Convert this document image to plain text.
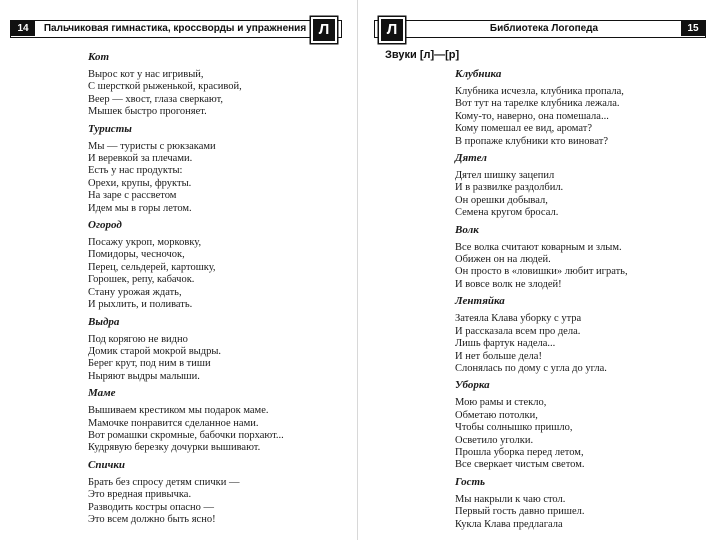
14	Пальчиковая гимнастика, кроссворды и упражнения Л
Кот
Вырос кот у нас игривый,
С шерсткой рыженькой, красивой,
Веер — хвост, глаза сверкают,
Мышек быстро прогоняет.
Туристы
Мы — туристы с рюкзаками
И веревкой за плечами.
Есть у нас продукты:
Орехи, крупы, фрукты.
На заре с рассветом
Идем мы в горы летом.
Огород
Посажу укроп, морковку,
Помидоры, чесночок,
Перец, сельдерей, картошку,
Горошек, репу, кабачок.
Стану урожая ждать,
И рыхлить, и поливать.
Выдра
Под корягою не видно
Домик старой мокрой выдры.
Берег крут, под ним в тиши
Ныряют выдры малыши.
Маме
Вышиваем крестиком мы подарок маме.
Мамочке понравится сделанное нами.
Вот ромашки скромные, бабочки порхают...
Кудрявую березку дочурки вышивают.
Спички
Брать без спросу детям спички —
Это вредная привычка.
Разводить костры опасно —
Это всем должно быть ясно!
Л	Библиотека Логопеда	15
Звуки [л]—[р]
Клубника
Клубника исчезла, клубника пропала,
Вот тут на тарелке клубника лежала.
Кому-то, наверно, она помешала...
Кому помешал ее вид, аромат?
В пропаже клубники кто виноват?
Дятел
Дятел шишку зацепил
И в развилке раздолбил.
Он орешки добывал,
Семена кругом бросал.
Волк
Все волка считают коварным и злым.
Обижен он на людей.
Он просто в «ловишки» любит играть,
И вовсе волк не злодей!
Лентяйка
Затеяла Клава уборку с утра
И рассказала всем про дела.
Лишь фартук надела...
И нет больше дела!
Слонялась по дому с угла до угла.
Уборка
Мою рамы и стекло,
Обметаю потолки,
Чтобы солнышко пришло,
Осветило уголки.
Прошла уборка перед летом,
Все сверкает чистым светом.
Гость
Мы накрыли к чаю стол.
Первый гость давно пришел.
Кукла Клава предлагала
